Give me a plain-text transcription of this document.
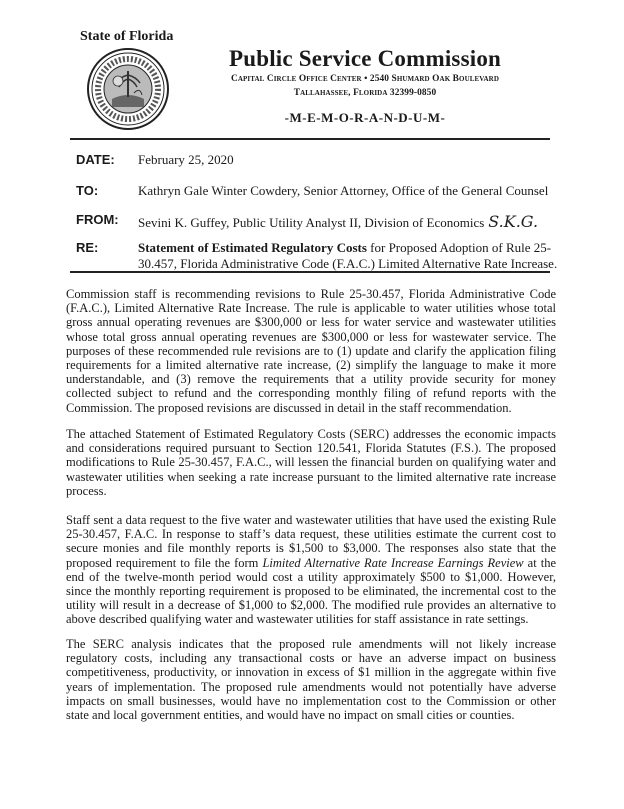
State of Florida
Public Service Commission
Capital Circle Office Center • 2540 Shumard Oak Boulevard
Tallahassee, Florida 32399-0850
-M-E-M-O-R-A-N-D-U-M-
DATE: February 25, 2020
TO:	Kathryn Gale Winter Cowdery, Senior Attorney, Office of the General Counsel
FROM: Sevini K. Guffey, Public Utility Analyst II, Division of Economics S.K.G.
RE:	Statement of Estimated Regulatory Costs for Proposed Adoption of Rule 25-30.457, Florida Administrative Code (F.A.C.) Limited Alternative Rate Increase.
Commission staff is recommending revisions to Rule 25-30.457, Florida Administrative Code (F.A.C.), Limited Alternative Rate Increase. The rule is applicable to water utilities whose total gross annual operating revenues are $300,000 or less for water service and wastewater utilities whose total gross annual operating revenues are $300,000 or less for wastewater service. The purposes of these recommended rule revisions are to (1) update and clarify the application filing requirements for a limited alternative rate increase, (2) simplify the language to make it more understandable, and (3) remove the requirements that a utility provide security for money collected subject to refund and the corresponding monthly filing of refund reports with the Commission. The proposed revisions are discussed in detail in the staff recommendation.
The attached Statement of Estimated Regulatory Costs (SERC) addresses the economic impacts and considerations required pursuant to Section 120.541, Florida Statutes (F.S.). The proposed modifications to Rule 25-30.457, F.A.C., will lessen the financial burden on qualifying water and wastewater utilities when seeking a rate increase pursuant to the limited alternative rate increase process.
Staff sent a data request to the five water and wastewater utilities that have used the existing Rule 25-30.457, F.A.C. In response to staff’s data request, these utilities estimate the current cost to secure monies and file monthly reports is $1,500 to $3,000. The responses also state that the proposed requirement to file the form Limited Alternative Rate Increase Earnings Review at the end of the twelve-month period would cost a utility approximately $500 to $1,000. However, since the monthly reporting requirement is proposed to be eliminated, the incremental cost to the utility will result in a decrease of $1,000 to $2,000. The modified rule provides an alternative to above described qualifying water and wastewater utilities for staff assistance in rate settings.
The SERC analysis indicates that the proposed rule amendments will not likely increase regulatory costs, including any transactional costs or have an adverse impact on business competitiveness, productivity, or innovation in excess of $1 million in the aggregate within five years of implementation. The proposed rule amendments would not potentially have adverse impacts on small businesses, would have no implementation cost to the Commission or other state and local government entities, and would have no impact on small cities or counties.
